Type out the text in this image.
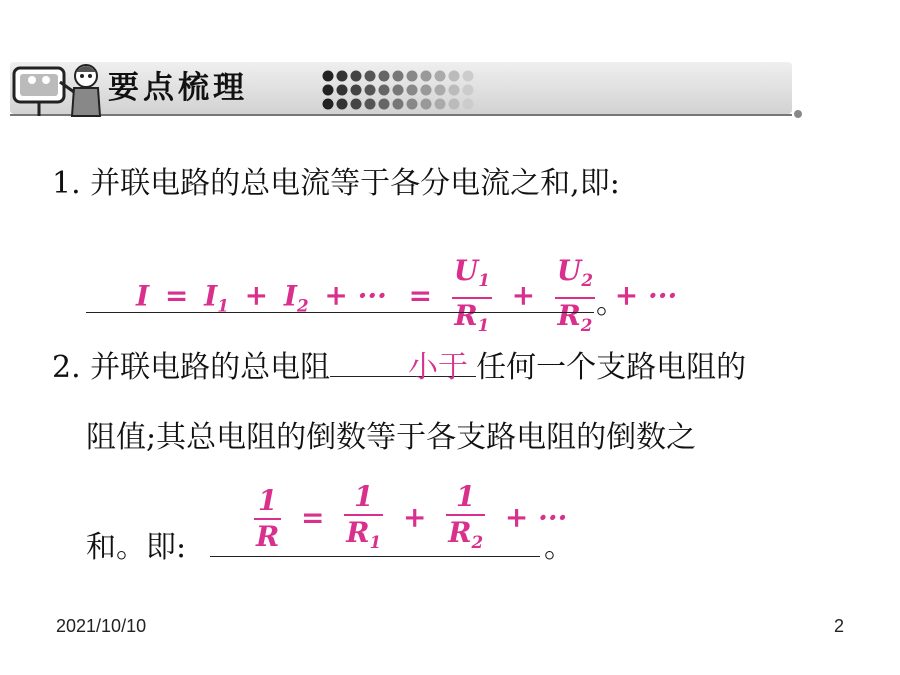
要点梳理
1. 并联电路的总电流等于各分电流之和,即:
$I = I_1 + I_2$ + ··· = $\frac{U_1}{R_1} + \frac{U_2}{R_2}$ + ···
。
2. 并联电路的总电阻	任何一个支路电阻的
小于
阻值;其总电阻的倒数等于各支路电阻的倒数之
和。即:	。
$\frac{1}{R} = \frac{1}{R_1} + \frac{1}{R_2}$ + ···
2021/10/10	2
